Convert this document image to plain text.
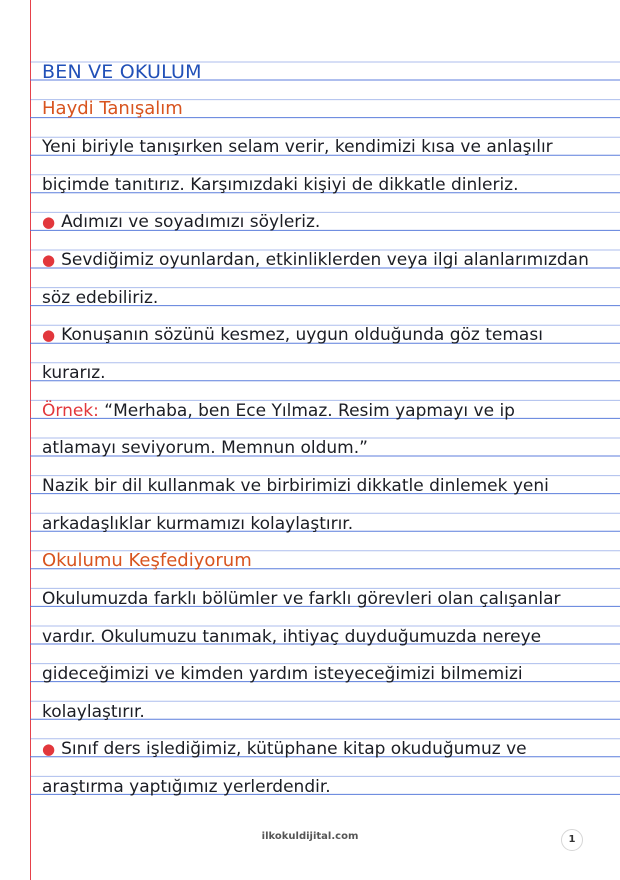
BEN VE OKULUM
Haydi Tanışalım
Yeni biriyle tanışırken selam verir, kendimizi kısa ve anlaşılır
biçimde tanıtırız. Karşımızdaki kişiyi de dikkatle dinleriz.
● Adımızı ve soyadımızı söyleriz.
● Sevdiğimiz oyunlardan, etkinliklerden veya ilgi alanlarımızdan
söz edebiliriz.
● Konuşanın sözünü kesmez, uygun olduğunda göz teması
kurarız.
Örnek: “Merhaba, ben Ece Yılmaz. Resim yapmayı ve ip
atlamayı seviyorum. Memnun oldum.”
Nazik bir dil kullanmak ve birbirimizi dikkatle dinlemek yeni
arkadaşlıklar kurmamızı kolaylaştırır.
Okulumu Keşfediyorum
Okulumuzda farklı bölümler ve farklı görevleri olan çalışanlar
vardır. Okulumuzu tanımak, ihtiyaç duyduğumuzda nereye
gideceğimizi ve kimden yardım isteyeceğimizi bilmemizi
kolaylaştırır.
● Sınıf ders işlediğimiz, kütüphane kitap okuduğumuz ve
araştırma yaptığımız yerlerdendir.
ilkokuldijital.com	1
